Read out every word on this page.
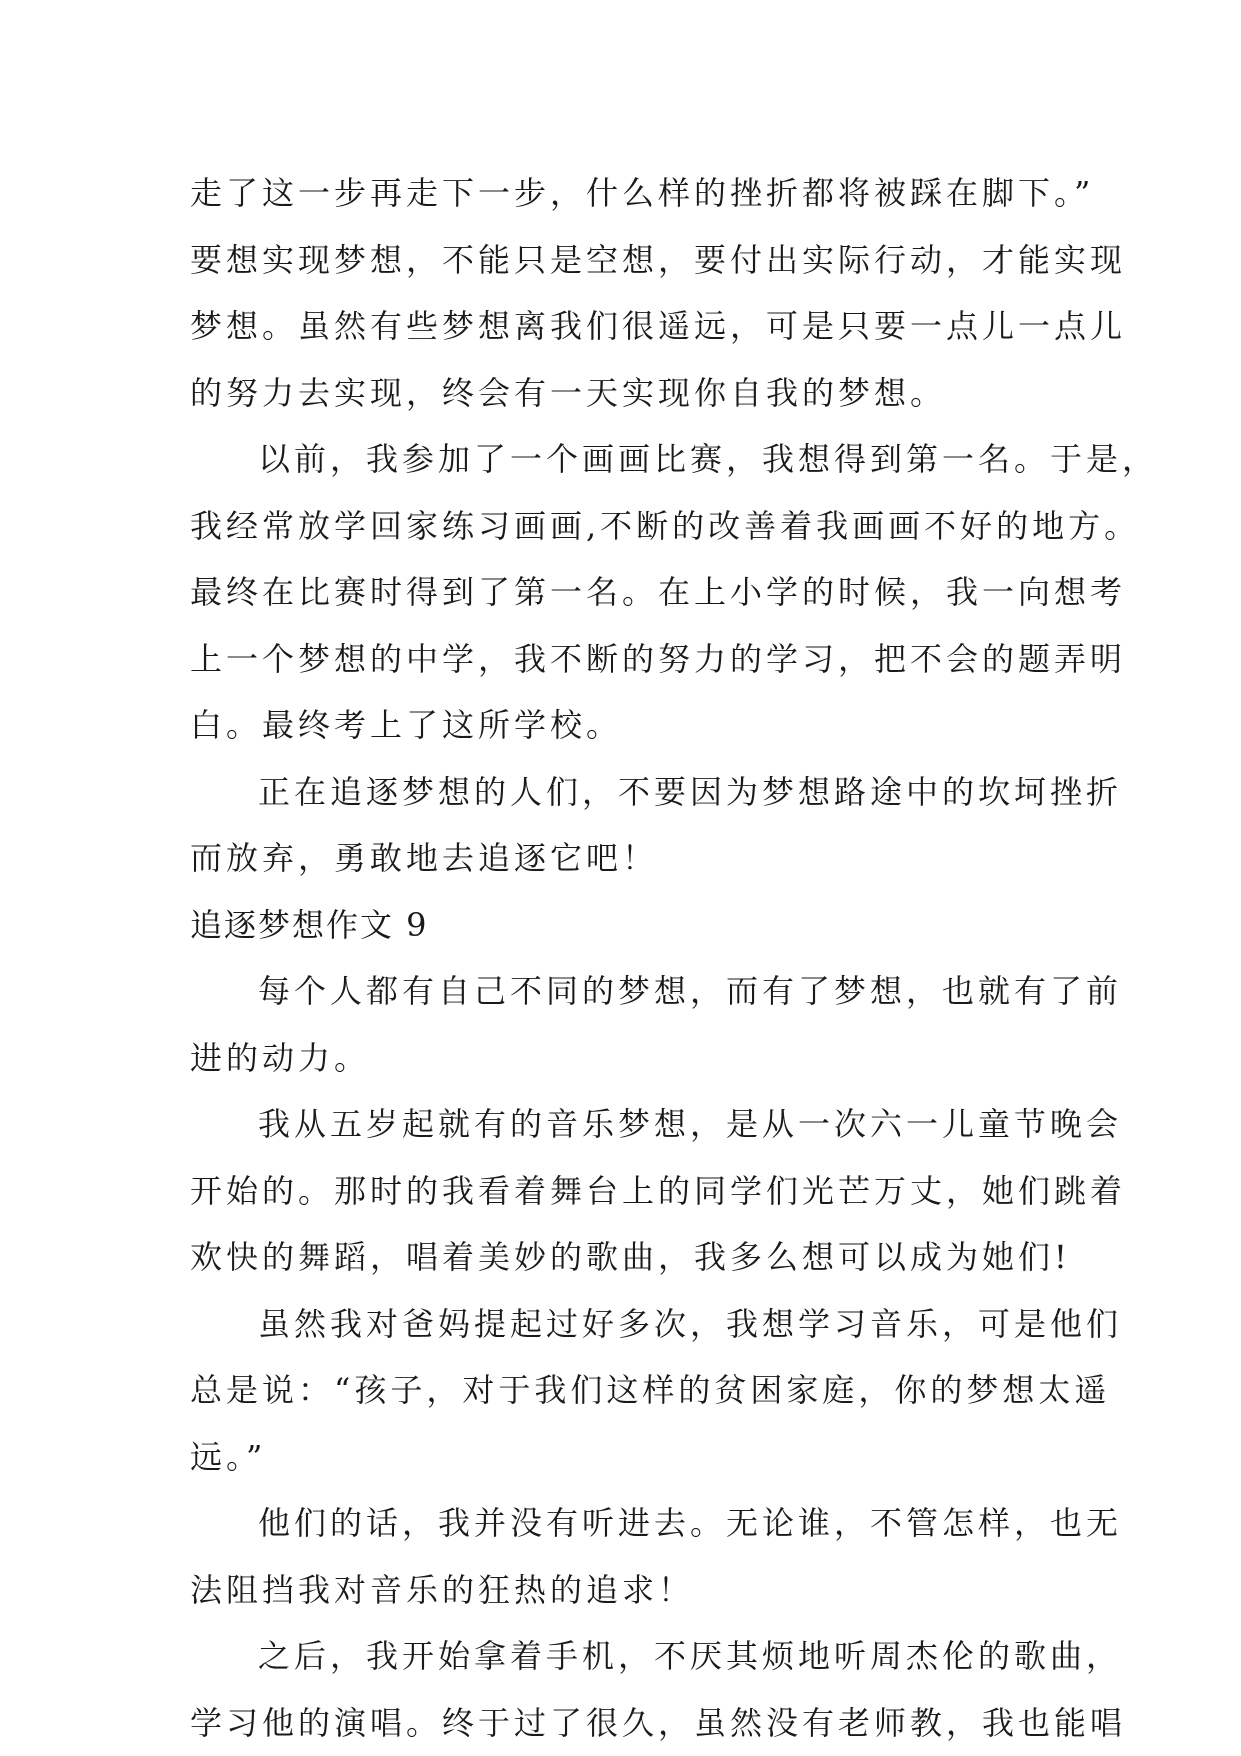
走了这一步再走下一步，什么样的挫折都将被踩在脚下。”
要想实现梦想，不能只是空想，要付出实际行动，才能实现
梦想。虽然有些梦想离我们很遥远，可是只要一点儿一点儿
的努力去实现，终会有一天实现你自我的梦想。
以前，我参加了一个画画比赛，我想得到第一名。于是，
我经常放学回家练习画画,不断的改善着我画画不好的地方。
最终在比赛时得到了第一名。在上小学的时候，我一向想考
上一个梦想的中学，我不断的努力的学习，把不会的题弄明
白。最终考上了这所学校。
正在追逐梦想的人们，不要因为梦想路途中的坎坷挫折
而放弃，勇敢地去追逐它吧！
追逐梦想作文 9
每个人都有自己不同的梦想，而有了梦想，也就有了前
进的动力。
我从五岁起就有的音乐梦想，是从一次六一儿童节晚会
开始的。那时的我看着舞台上的同学们光芒万丈，她们跳着
欢快的舞蹈，唱着美妙的歌曲，我多么想可以成为她们!
虽然我对爸妈提起过好多次，我想学习音乐，可是他们
总是说：“孩子，对于我们这样的贫困家庭，你的梦想太遥
远。”
他们的话，我并没有听进去。无论谁，不管怎样，也无
法阻挡我对音乐的狂热的追求！
之后，我开始拿着手机，不厌其烦地听周杰伦的歌曲，
学习他的演唱。终于过了很久，虽然没有老师教，我也能唱
